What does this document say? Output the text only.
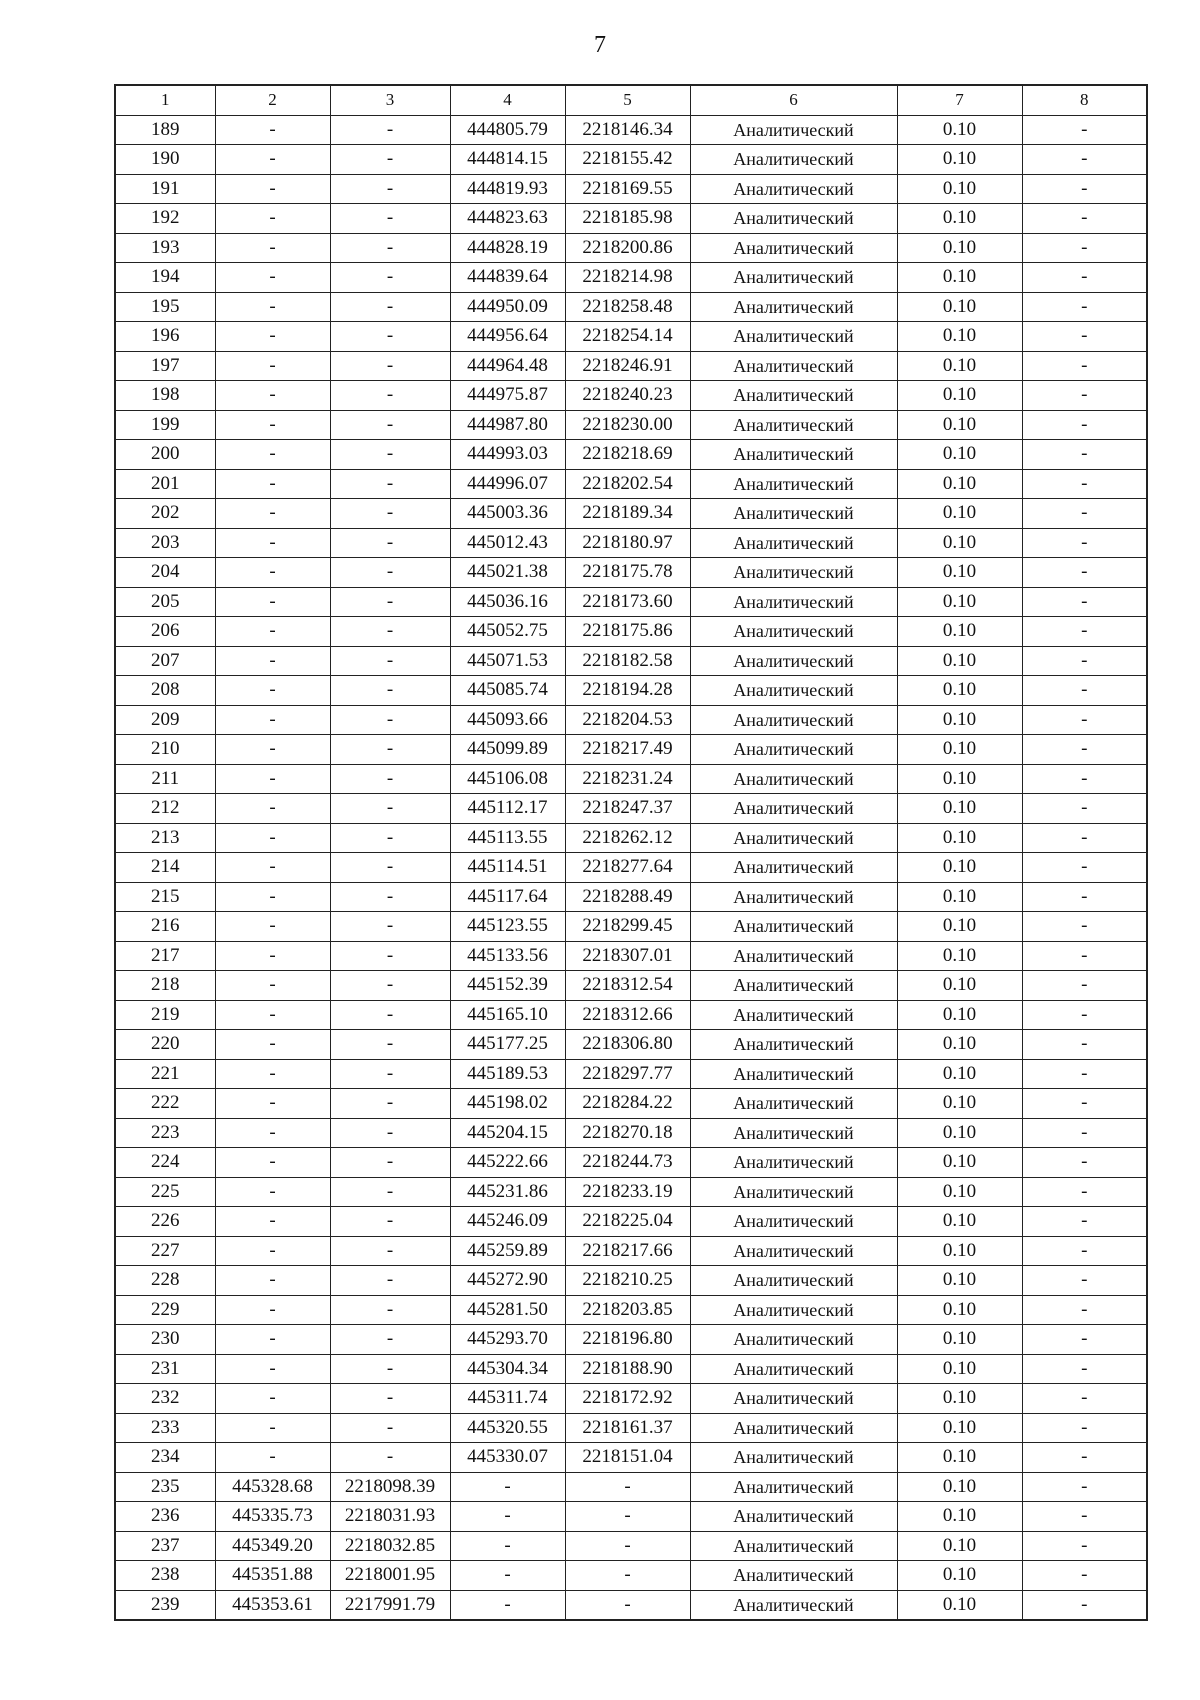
7
1	2	3	4	5	6	7	8
189	-	-	444805.79	2218146.34	Аналитический	0.10	-
190	-	-	444814.15	2218155.42	Аналитический	0.10	-
191	-	-	444819.93	2218169.55	Аналитический	0.10	-
192	-	-	444823.63	2218185.98	Аналитический	0.10	-
193	-	-	444828.19	2218200.86	Аналитический	0.10	-
194	-	-	444839.64	2218214.98	Аналитический	0.10	-
195	-	-	444950.09	2218258.48	Аналитический	0.10	-
196	-	-	444956.64	2218254.14	Аналитический	0.10	-
197	-	-	444964.48	2218246.91	Аналитический	0.10	-
198	-	-	444975.87	2218240.23	Аналитический	0.10	-
199	-	-	444987.80	2218230.00	Аналитический	0.10	-
200	-	-	444993.03	2218218.69	Аналитический	0.10	-
201	-	-	444996.07	2218202.54	Аналитический	0.10	-
202	-	-	445003.36	2218189.34	Аналитический	0.10	-
203	-	-	445012.43	2218180.97	Аналитический	0.10	-
204	-	-	445021.38	2218175.78	Аналитический	0.10	-
205	-	-	445036.16	2218173.60	Аналитический	0.10	-
206	-	-	445052.75	2218175.86	Аналитический	0.10	-
207	-	-	445071.53	2218182.58	Аналитический	0.10	-
208	-	-	445085.74	2218194.28	Аналитический	0.10	-
209	-	-	445093.66	2218204.53	Аналитический	0.10	-
210	-	-	445099.89	2218217.49	Аналитический	0.10	-
211	-	-	445106.08	2218231.24	Аналитический	0.10	-
212	-	-	445112.17	2218247.37	Аналитический	0.10	-
213	-	-	445113.55	2218262.12	Аналитический	0.10	-
214	-	-	445114.51	2218277.64	Аналитический	0.10	-
215	-	-	445117.64	2218288.49	Аналитический	0.10	-
216	-	-	445123.55	2218299.45	Аналитический	0.10	-
217	-	-	445133.56	2218307.01	Аналитический	0.10	-
218	-	-	445152.39	2218312.54	Аналитический	0.10	-
219	-	-	445165.10	2218312.66	Аналитический	0.10	-
220	-	-	445177.25	2218306.80	Аналитический	0.10	-
221	-	-	445189.53	2218297.77	Аналитический	0.10	-
222	-	-	445198.02	2218284.22	Аналитический	0.10	-
223	-	-	445204.15	2218270.18	Аналитический	0.10	-
224	-	-	445222.66	2218244.73	Аналитический	0.10	-
225	-	-	445231.86	2218233.19	Аналитический	0.10	-
226	-	-	445246.09	2218225.04	Аналитический	0.10	-
227	-	-	445259.89	2218217.66	Аналитический	0.10	-
228	-	-	445272.90	2218210.25	Аналитический	0.10	-
229	-	-	445281.50	2218203.85	Аналитический	0.10	-
230	-	-	445293.70	2218196.80	Аналитический	0.10	-
231	-	-	445304.34	2218188.90	Аналитический	0.10	-
232	-	-	445311.74	2218172.92	Аналитический	0.10	-
233	-	-	445320.55	2218161.37	Аналитический	0.10	-
234	-	-	445330.07	2218151.04	Аналитический	0.10	-
235	445328.68	2218098.39	-	-	Аналитический	0.10	-
236	445335.73	2218031.93	-	-	Аналитический	0.10	-
237	445349.20	2218032.85	-	-	Аналитический	0.10	-
238	445351.88	2218001.95	-	-	Аналитический	0.10	-
239	445353.61	2217991.79	-	-	Аналитический	0.10	-
